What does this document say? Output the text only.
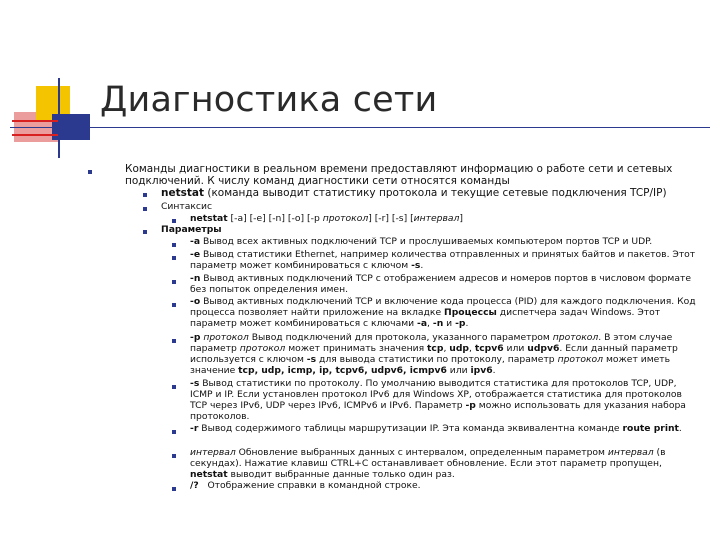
Диагностика сети
Команды диагностики в реальном времени предоставляют информацию о работе сети и сетевых подключений. К числу команд диагностики сети относятся команды
netstat (команда выводит статистику протокола и текущие сетевые подключения TCP/IP)
Синтаксис
netstat [-a] [-e] [-n] [-o] [-p протокол] [-r] [-s] [интервал]
Параметры
-a Вывод всех активных подключений TCP и прослушиваемых компьютером портов TCP и UDP.
-e Вывод статистики Ethernet, например количества отправленных и принятых байтов и пакетов. Этот параметр может комбинироваться с ключом -s.
-n Вывод активных подключений TCP с отображением адресов и номеров портов в числовом формате без попыток определения имен.
-o Вывод активных подключений TCP и включение кода процесса (PID) для каждого подключения. Код процесса позволяет найти приложение на вкладке Процессы диспетчера задач Windows. Этот параметр может комбинироваться с ключами -a, -n и -p.
-p протокол Вывод подключений для протокола, указанного параметром протокол. В этом случае параметр протокол может принимать значения tcp, udp, tcpv6 или udpv6. Если данный параметр используется с ключом -s для вывода статистики по протоколу, параметр протокол может иметь значение tcp, udp, icmp, ip, tcpv6, udpv6, icmpv6 или ipv6.
-s Вывод статистики по протоколу. По умолчанию выводится статистика для протоколов TCP, UDP, ICMP и IP. Если установлен протокол IPv6 для Windows XP, отображается статистика для протоколов TCP через IPv6, UDP через IPv6, ICMPv6 и IPv6. Параметр -p можно использовать для указания набора протоколов.
-r Вывод содержимого таблицы маршрутизации IP. Эта команда эквивалентна команде route print.
интервал Обновление выбранных данных с интервалом, определенным параметром интервал (в секундах). Нажатие клавиш CTRL+C останавливает обновление. Если этот параметр пропущен, netstat выводит выбранные данные только один раз.
/? Отображение справки в командной строке.
